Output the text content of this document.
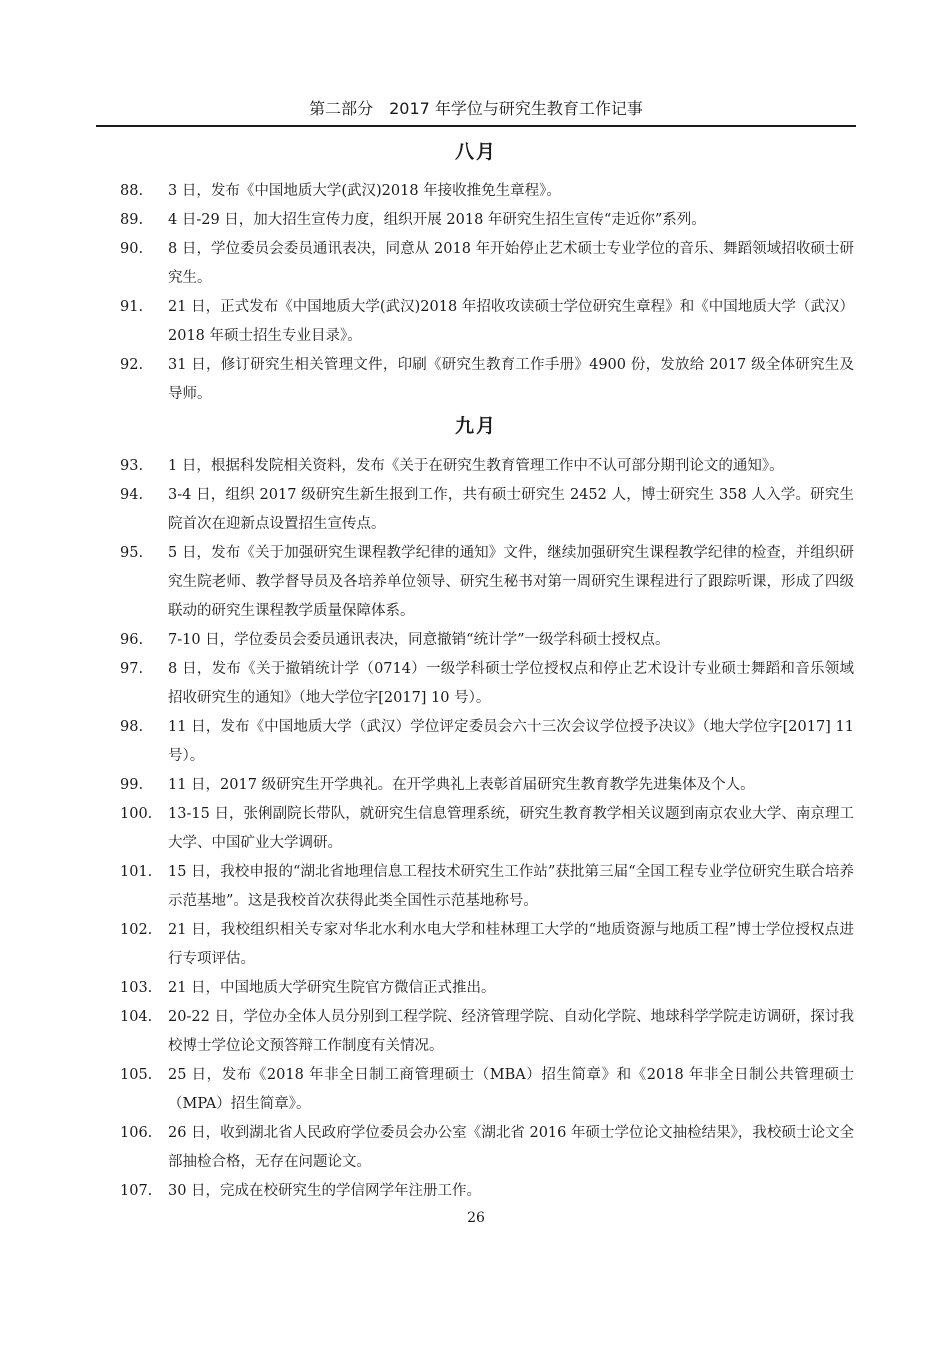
第二部分　2017 年学位与研究生教育工作记事
八月
88.	3 日，发布《中国地质大学(武汉)2018 年接收推免生章程》。
89.	4 日-29 日，加大招生宣传力度，组织开展 2018 年研究生招生宣传“走近你”系列。
90.	8 日，学位委员会委员通讯表决，同意从 2018 年开始停止艺术硕士专业学位的音乐、舞蹈领域招收硕士研究生。
91.	21 日，正式发布《中国地质大学(武汉)2018 年招收攻读硕士学位研究生章程》和《中国地质大学（武汉）2018 年硕士招生专业目录》。
92.	31 日，修订研究生相关管理文件，印刷《研究生教育工作手册》4900 份，发放给 2017 级全体研究生及导师。
九月
93.	1 日，根据科发院相关资料，发布《关于在研究生教育管理工作中不认可部分期刊论文的通知》。
94.	3-4 日，组织 2017 级研究生新生报到工作，共有硕士研究生 2452 人，博士研究生 358 人入学。研究生院首次在迎新点设置招生宣传点。
95.	5 日，发布《关于加强研究生课程教学纪律的通知》文件，继续加强研究生课程教学纪律的检查，并组织研究生院老师、教学督导员及各培养单位领导、研究生秘书对第一周研究生课程进行了跟踪听课，形成了四级联动的研究生课程教学质量保障体系。
96.	7-10 日，学位委员会委员通讯表决，同意撤销“统计学”一级学科硕士授权点。
97.	8 日，发布《关于撤销统计学（0714）一级学科硕士学位授权点和停止艺术设计专业硕士舞蹈和音乐领域招收研究生的通知》（地大学位字[2017] 10 号）。
98.	11 日，发布《中国地质大学（武汉）学位评定委员会六十三次会议学位授予决议》（地大学位字[2017] 11 号）。
99.	11 日，2017 级研究生开学典礼。在开学典礼上表彰首届研究生教育教学先进集体及个人。
100.	13-15 日，张俐副院长带队，就研究生信息管理系统，研究生教育教学相关议题到南京农业大学、南京理工大学、中国矿业大学调研。
101.	15 日，我校申报的“湖北省地理信息工程技术研究生工作站”获批第三届“全国工程专业学位研究生联合培养示范基地”。这是我校首次获得此类全国性示范基地称号。
102.	21 日，我校组织相关专家对华北水利水电大学和桂林理工大学的“地质资源与地质工程”博士学位授权点进行专项评估。
103.	21 日，中国地质大学研究生院官方微信正式推出。
104.	20-22 日，学位办全体人员分别到工程学院、经济管理学院、自动化学院、地球科学学院走访调研，探讨我校博士学位论文预答辩工作制度有关情况。
105.	25 日，发布《2018 年非全日制工商管理硕士（MBA）招生简章》和《2018 年非全日制公共管理硕士（MPA）招生简章》。
106.	26 日，收到湖北省人民政府学位委员会办公室《湖北省 2016 年硕士学位论文抽检结果》，我校硕士论文全部抽检合格，无存在问题论文。
107.	30 日，完成在校研究生的学信网学年注册工作。
26
